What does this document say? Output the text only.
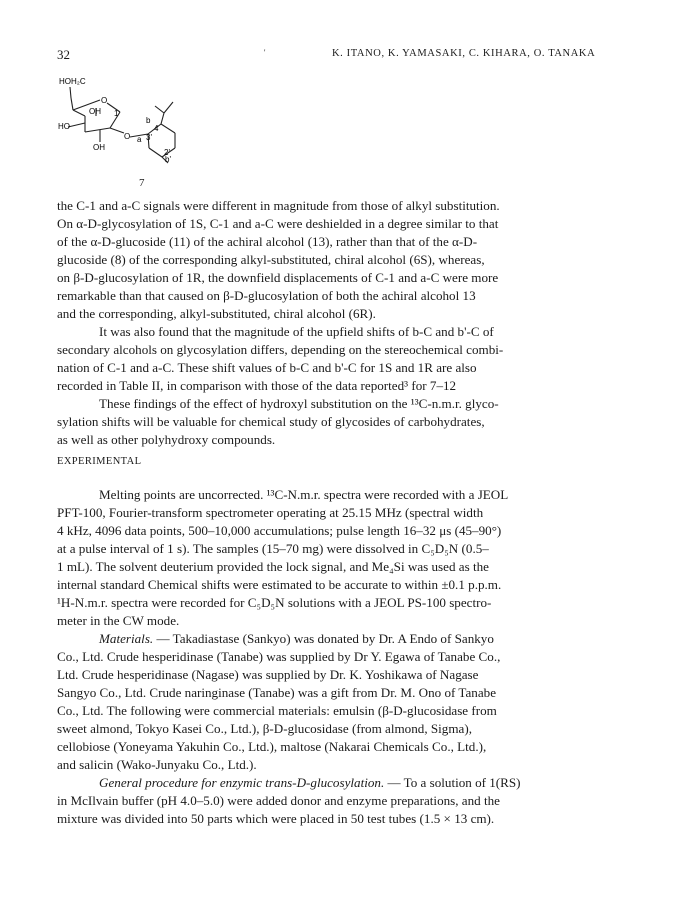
32	'	K. ITANO, K. YAMASAKI, C. KIHARA, O. TANAKA
HOH₂C
O
OH
HO
OH
1
O a
b
4
3'
2'
b'
7

the C-1 and a-C signals were different in magnitude from those of alkyl substitution.
On α-D-glycosylation of 1S, C-1 and a-C were deshielded in a degree similar to that
of the α-D-glucoside (11) of the achiral alcohol (13), rather than that of the α-D-
glucoside (8) of the corresponding alkyl-substituted, chiral alcohol (6S), whereas,
on β-D-glucosylation of 1R, the downfield displacements of C-1 and a-C were more
remarkable than that caused on β-D-glucosylation of both the achiral alcohol 13
and the corresponding, alkyl-substituted, chiral alcohol (6R).

It was also found that the magnitude of the upfield shifts of b-C and b'-C of
secondary alcohols on glycosylation differs, depending on the stereochemical combi-
nation of C-1 and a-C. These shift values of b-C and b'-C for 1S and 1R are also
recorded in Table II, in comparison with those of the data reported³ for 7–12

These findings of the effect of hydroxyl substitution on the ¹³C-n.m.r. glyco-
sylation shifts will be valuable for chemical study of glycosides of carbohydrates,
as well as other polyhydroxy compounds.

EXPERIMENTAL

Melting points are uncorrected. ¹³C-N.m.r. spectra were recorded with a JEOL
PFT-100, Fourier-transform spectrometer operating at 25.15 MHz (spectral width
4 kHz, 4096 data points, 500–10,000 accumulations; pulse length 16–32 μs (45–90°)
at a pulse interval of 1 s). The samples (15–70 mg) were dissolved in C₅D₅N (0.5–
1 mL). The solvent deuterium provided the lock signal, and Me₄Si was used as the
internal standard Chemical shifts were estimated to be accurate to within ±0.1 p.p.m.
¹H-N.m.r. spectra were recorded for C₅D₅N solutions with a JEOL PS-100 spectro-
meter in the CW mode.

Materials. — Takadiastase (Sankyo) was donated by Dr. A Endo of Sankyo
Co., Ltd. Crude hesperidinase (Tanabe) was supplied by Dr Y. Egawa of Tanabe Co.,
Ltd. Crude hesperidinase (Nagase) was supplied by Dr. K. Yoshikawa of Nagase
Sangyo Co., Ltd. Crude naringinase (Tanabe) was a gift from Dr. M. Ono of Tanabe
Co., Ltd. The following were commercial materials: emulsin (β-D-glucosidase from
sweet almond, Tokyo Kasei Co., Ltd.), β-D-glucosidase (from almond, Sigma),
cellobiose (Yoneyama Yakuhin Co., Ltd.), maltose (Nakarai Chemicals Co., Ltd.),
and salicin (Wako-Junyaku Co., Ltd.).

General procedure for enzymic trans-D-glucosylation. — To a solution of 1(RS)
in McIlvain buffer (pH 4.0–5.0) were added donor and enzyme preparations, and the
mixture was divided into 50 parts which were placed in 50 test tubes (1.5 × 13 cm).
